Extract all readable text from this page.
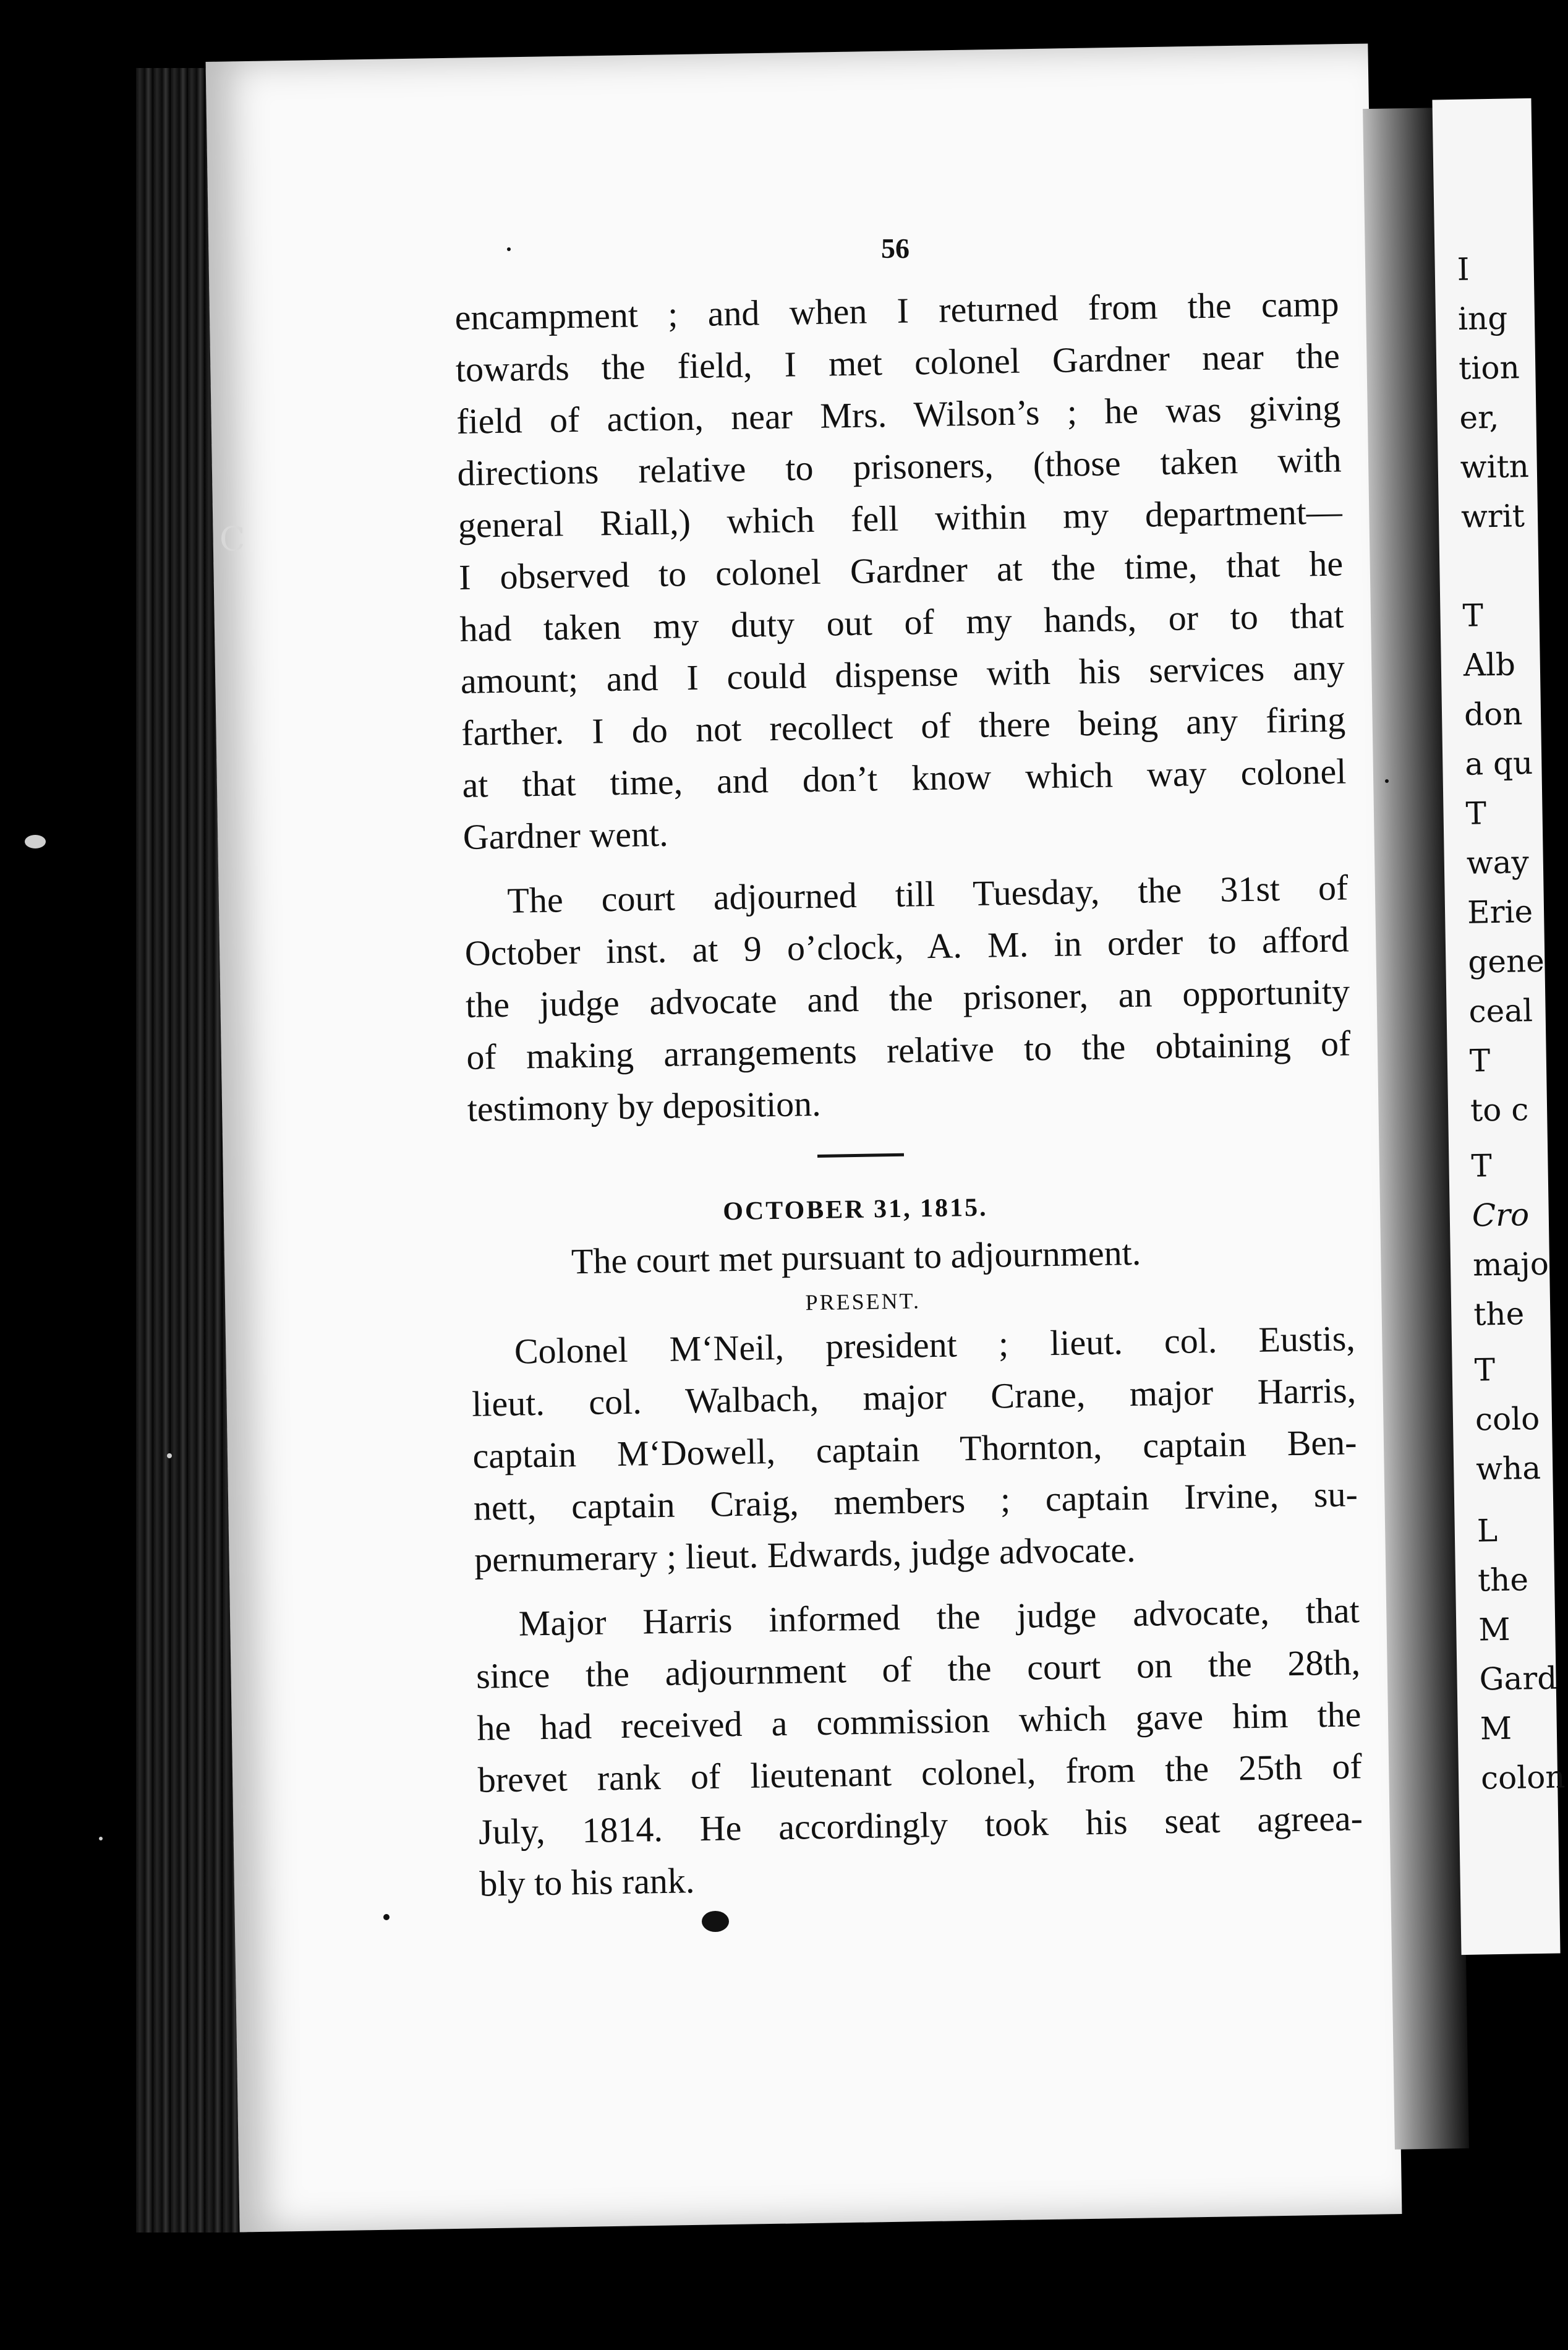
I
ing
tion
er,
witn
writ
T
Alb
don
a qu
T
way
Erie
gene
ceal
T
to c
T
Cro
majo
the
T
colo
wha
L
the
M
Gard
M
colon
56
encampment ; and when I returned from the camp
towards the field, I met colonel Gardner near the
field of action, near Mrs. Wilson’s ; he was giving
directions relative to prisoners, (those taken with
general Riall,) which fell within my department—
I observed to colonel Gardner at the time, that he
had taken my duty out of my hands, or to that
amount; and I could dispense with his services any
farther. I do not recollect of there being any firing
at that time, and don’t know which way colonel
Gardner went.
The court adjourned till Tuesday, the 31st of
October inst. at 9 o’clock, A. M. in order to afford
the judge advocate and the prisoner, an opportunity
of making arrangements relative to the obtaining of
testimony by deposition.
OCTOBER 31, 1815.
The court met pursuant to adjournment.
PRESENT.
Colonel M‘Neil, president ; lieut. col. Eustis,
lieut. col. Walbach, major Crane, major Harris,
captain M‘Dowell, captain Thornton, captain Ben-
nett, captain Craig, members ; captain Irvine, su-
pernumerary ; lieut. Edwards, judge advocate.
Major Harris informed the judge advocate, that
since the adjournment of the court on the 28th,
he had received a commission which gave him the
brevet rank of lieutenant colonel, from the 25th of
July, 1814. He accordingly took his seat agreea-
bly to his rank.
C
